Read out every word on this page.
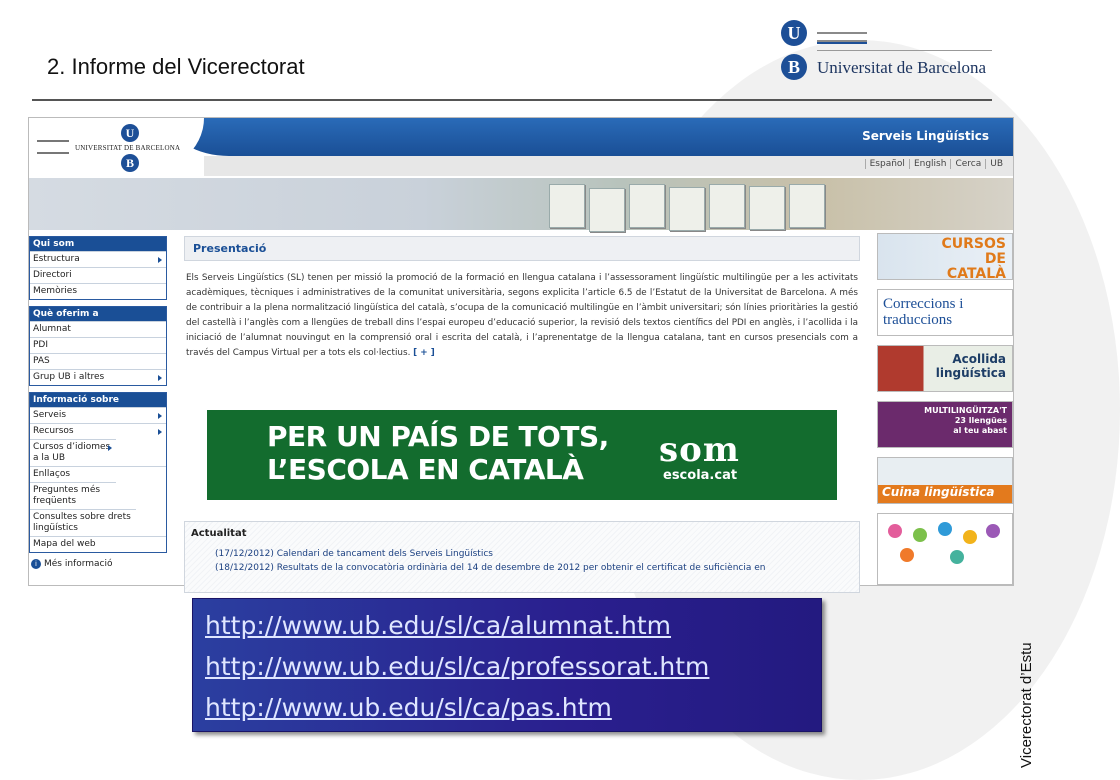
2. Informe del Vicerectorat
U
B	Universitat de Barcelona
UNIVERSITAT DE BARCELONA
U
B
Serveis Lingüístics
Español English Cerca UB
Qui som
Estructura
Directori
Memòries
Què oferim a
Alumnat
PDI
PAS
Grup UB i altres
Informació sobre
Serveis
Recursos
Cursos d’idiomes a la UB
Enllaços
Preguntes més freqüents
Consultes sobre drets lingüístics
Mapa del web
i Més informació
Presentació
Els Serveis Lingüístics (SL) tenen per missió la promoció de la formació en llengua catalana i l’assessorament lingüístic multilingüe per a les activitats acadèmiques, tècniques i administratives de la comunitat universitària, segons explicita l’article 6.5 de l’Estatut de la Universitat de Barcelona. A més de contribuir a la plena normalització lingüística del català, s’ocupa de la comunicació multilingüe en l’àmbit universitari; són línies prioritàries la gestió del castellà i l’anglès com a llengües de treball dins l’espai europeu d’educació superior, la revisió dels textos científics del PDI en anglès, i l’acollida i la iniciació de l’alumnat nouvingut en la comprensió oral i escrita del català, i l’aprenentatge de la llengua catalana, tant en cursos presencials com a través del Campus Virtual per a tots els col·lectius. [ + ]
PER UN PAÍS DE TOTS,
L’ESCOLA EN CATALÀ som
escola.cat
Actualitat
(17/12/2012) Calendari de tancament dels Serveis Lingüístics
(18/12/2012) Resultats de la convocatòria ordinària del 14 de desembre de 2012 per obtenir el certificat de suficiència en
CURSOS DE CATALÀ
Correccions i traduccions
Acollida lingüística
MULTILINGÜITZA'T
23 llengües al teu abast
Cuina lingüística
http://www.ub.edu/sl/ca/alumnat.htm
http://www.ub.edu/sl/ca/professorat.htm
http://www.ub.edu/sl/ca/pas.htm	Vicerectorat d’Estu
